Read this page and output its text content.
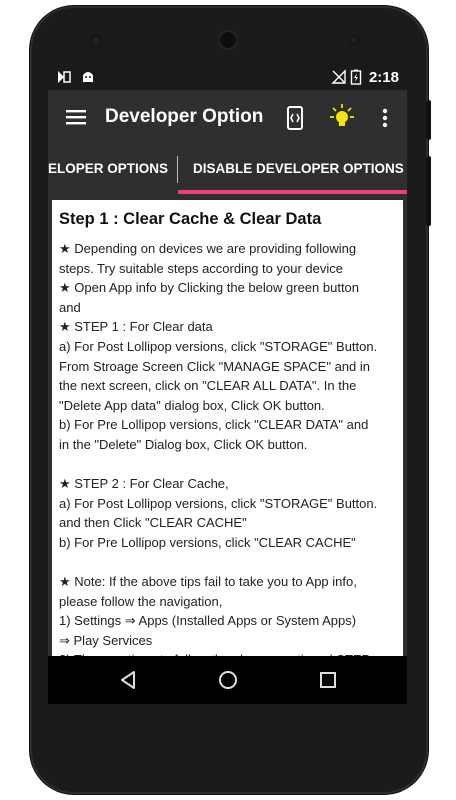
2:18
Developer Option
ELOPER OPTIONS DISABLE DEVELOPER OPTIONS
Step 1 : Clear Cache & Clear Data
★ Depending on devices we are providing following
steps. Try suitable steps according to your device
★ Open App info by Clicking the below green button
and
★ STEP 1 : For Clear data
a) For Post Lollipop versions, click "STORAGE" Button.
From Stroage Screen Click "MANAGE SPACE" and in
the next screen, click on "CLEAR ALL DATA". In the
"Delete App data" dialog box, Click OK button.
b) For Pre Lollipop versions, click "CLEAR DATA" and
in the "Delete" Dialog box, Click OK button.
★ STEP 2 : For Clear Cache,
a) For Post Lollipop versions, click "STORAGE" Button.
and then Click "CLEAR CACHE"
b) For Pre Lollipop versions, click "CLEAR CACHE"
★ Note: If the above tips fail to take you to App info,
please follow the navigation,
1) Settings ⇒ Apps (Installed Apps or System Apps)
⇒ Play Services
